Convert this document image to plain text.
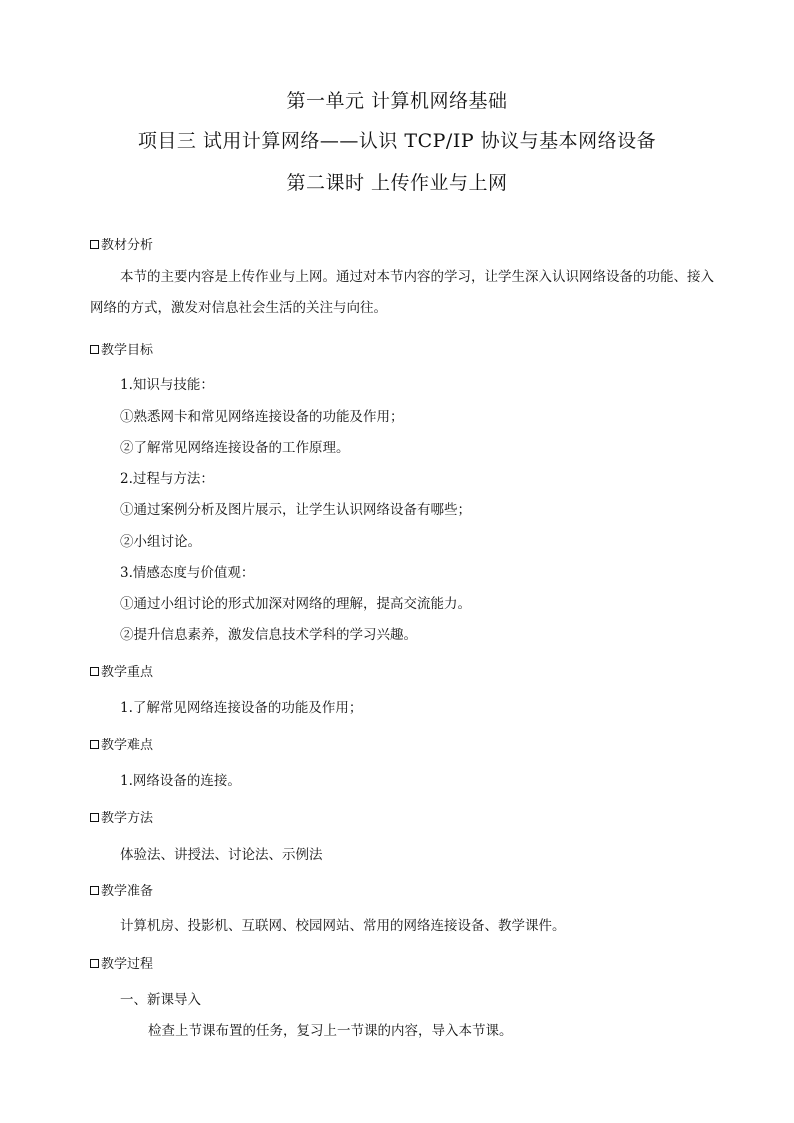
第一单元 计算机网络基础
项目三 试用计算网络——认识 TCP/IP 协议与基本网络设备
第二课时 上传作业与上网
教材分析
本节的主要内容是上传作业与上网。通过对本节内容的学习，让学生深入认识网络设备的功能、接入网络的方式，激发对信息社会生活的关注与向往。
教学目标
1.知识与技能：
①熟悉网卡和常见网络连接设备的功能及作用；
②了解常见网络连接设备的工作原理。
2.过程与方法：
①通过案例分析及图片展示，让学生认识网络设备有哪些；
②小组讨论。
3.情感态度与价值观：
①通过小组讨论的形式加深对网络的理解，提高交流能力。
②提升信息素养，激发信息技术学科的学习兴趣。
教学重点
1.了解常见网络连接设备的功能及作用；
教学难点
1.网络设备的连接。
教学方法
体验法、讲授法、讨论法、示例法
教学准备
计算机房、投影机、互联网、校园网站、常用的网络连接设备、教学课件。
教学过程
一、新课导入
检查上节课布置的任务，复习上一节课的内容，导入本节课。
